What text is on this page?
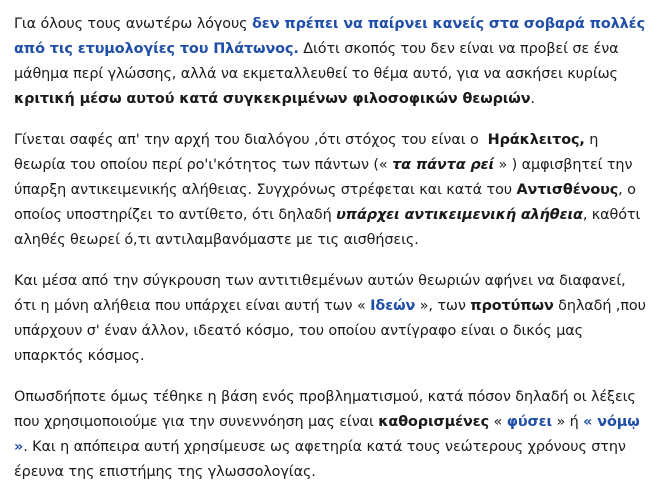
Για όλους τους ανωτέρω λόγους δεν πρέπει να παίρνει κανείς στα σοβαρά πολλές από τις ετυμολογίες του Πλάτωνος. Διότι σκοπός του δεν είναι να προβεί σε ένα μάθημα περί γλώσσης, αλλά να εκμεταλλευθεί το θέμα αυτό, για να ασκήσει κυρίως κριτική μέσω αυτού κατά συγκεκριμένων φιλοσοφικών θεωριών.

Γίνεται σαφές απ' την αρχή του διαλόγου ,ότι στόχος του είναι ο  Ηράκλειτος, η θεωρία του οποίου περί ρο'ι'κότητος των πάντων (« τα πάντα ρεί » ) αμφισβητεί την ύπαρξη αντικειμενικής αλήθειας. Συγχρόνως στρέφεται και κατά του Αντισθένους, ο οποίος υποστηρίζει το αντίθετο, ότι δηλαδή υπάρχει αντικειμενική αλήθεια, καθότι αληθές θεωρεί ό,τι αντιλαμβανόμαστε με τις αισθήσεις.

Και μέσα από την σύγκρουση των αντιτιθεμένων αυτών θεωριών αφήνει να διαφανεί, ότι η μόνη αλήθεια που υπάρχει είναι αυτή των « Ιδεών », των προτύπων δηλαδή ,που υπάρχουν σ' έναν άλλον, ιδεατό κόσμο, του οποίου αντίγραφο είναι ο δικός μας υπαρκτός κόσμος.

Οπωσδήποτε όμως τέθηκε η βάση ενός προβληματισμού, κατά πόσον δηλαδή οι λέξεις που χρησιμοποιούμε για την συνεννόηση μας είναι καθορισμένες « φύσει » ή « νόμῳ ». Και η απόπειρα αυτή χρησίμευσε ως αφετηρία κατά τους νεώτερους χρόνους στην έρευνα της επιστήμης της γλωσσολογίας.
